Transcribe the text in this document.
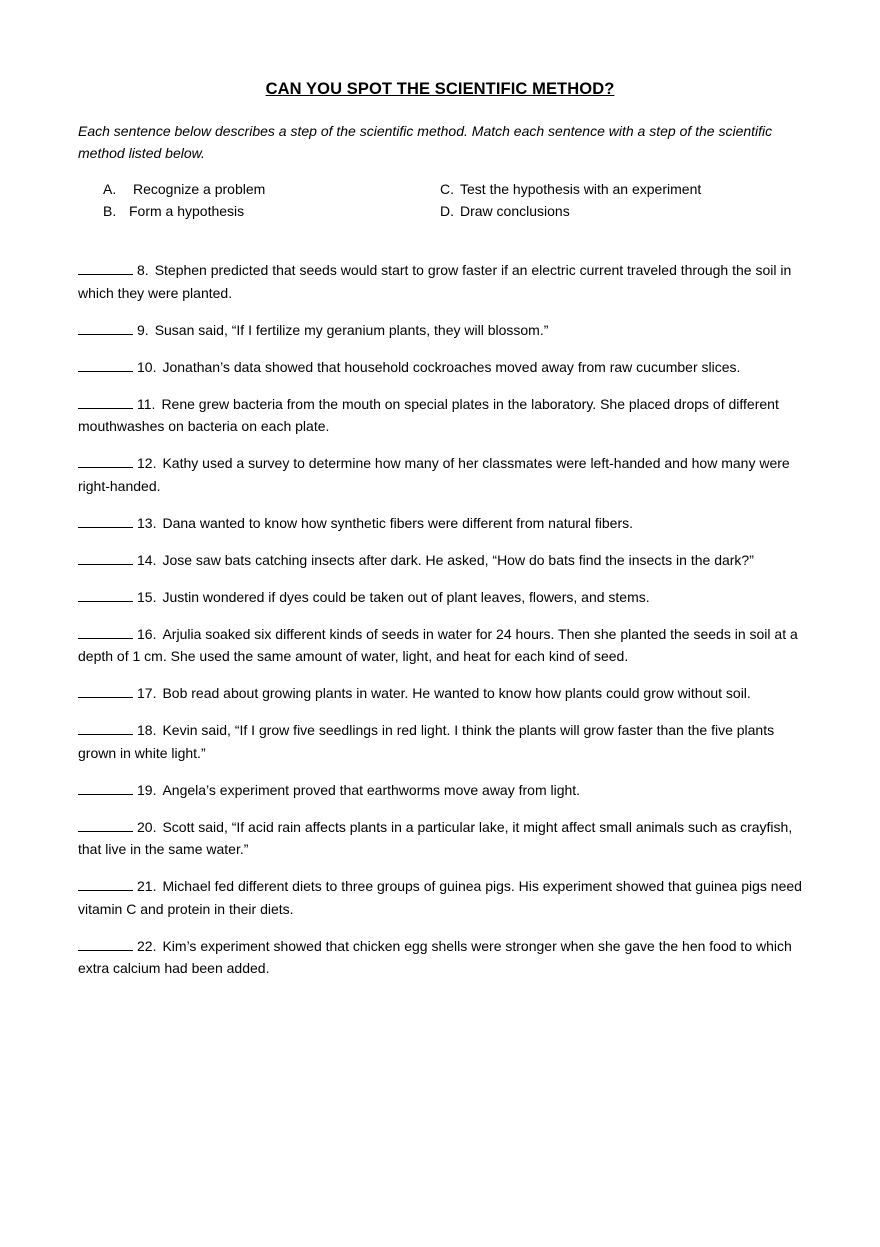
CAN YOU SPOT THE SCIENTIFIC METHOD?
Each sentence below describes a step of the scientific method. Match each sentence with a step of the scientific method listed below.
A. Recognize a problem
B. Form a hypothesis
C. Test the hypothesis with an experiment
D. Draw conclusions
8. Stephen predicted that seeds would start to grow faster if an electric current traveled through the soil in which they were planted.
9. Susan said, “If I fertilize my geranium plants, they will blossom.”
10. Jonathan’s data showed that household cockroaches moved away from raw cucumber slices.
11. Rene grew bacteria from the mouth on special plates in the laboratory. She placed drops of different mouthwashes on bacteria on each plate.
12. Kathy used a survey to determine how many of her classmates were left-handed and how many were right-handed.
13. Dana wanted to know how synthetic fibers were different from natural fibers.
14. Jose saw bats catching insects after dark. He asked, “How do bats find the insects in the dark?”
15. Justin wondered if dyes could be taken out of plant leaves, flowers, and stems.
16. Arjulia soaked six different kinds of seeds in water for 24 hours. Then she planted the seeds in soil at a depth of 1 cm. She used the same amount of water, light, and heat for each kind of seed.
17. Bob read about growing plants in water. He wanted to know how plants could grow without soil.
18. Kevin said, “If I grow five seedlings in red light. I think the plants will grow faster than the five plants grown in white light.”
19. Angela’s experiment proved that earthworms move away from light.
20. Scott said, “If acid rain affects plants in a particular lake, it might affect small animals such as crayfish, that live in the same water.”
21. Michael fed different diets to three groups of guinea pigs. His experiment showed that guinea pigs need vitamin C and protein in their diets.
22. Kim’s experiment showed that chicken egg shells were stronger when she gave the hen food to which extra calcium had been added.
